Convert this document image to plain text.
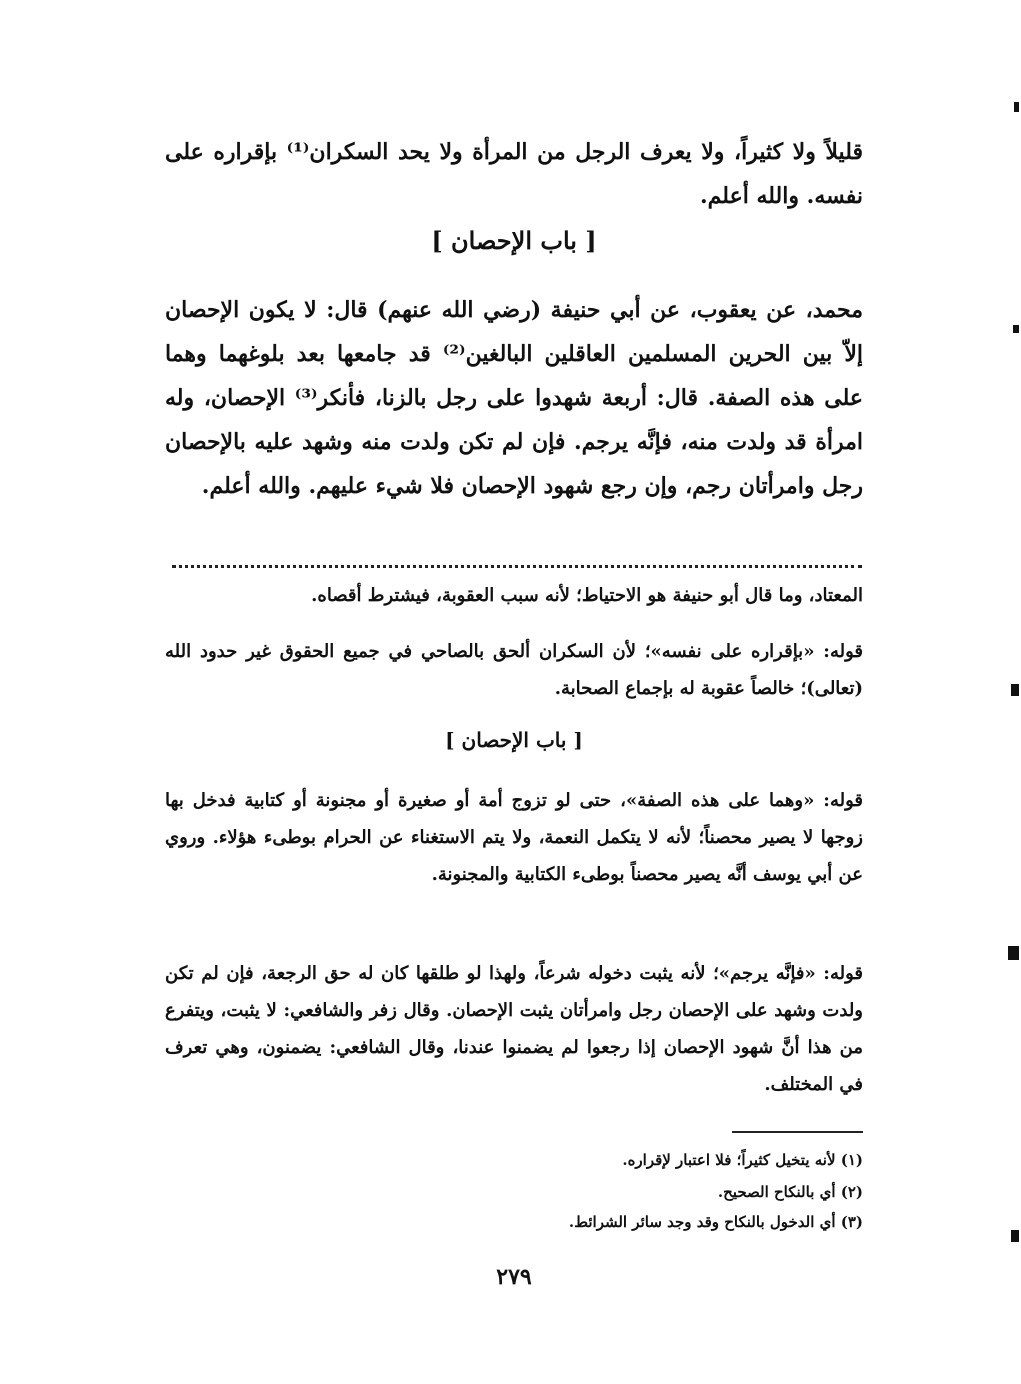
قليلاً ولا كثيراً، ولا يعرف الرجل من المرأة ولا يحد السكران⁽¹⁾ بإقراره على نفسه. والله أعلم.

[ باب الإحصان ]

محمد، عن يعقوب، عن أبي حنيفة (رضي الله عنهم) قال: لا يكون الإحصان إلاّ بين الحرين المسلمين العاقلين البالغين⁽²⁾ قد جامعها بعد بلوغهما وهما على هذه الصفة. قال: أربعة شهدوا على رجل بالزنا، فأنكر⁽³⁾ الإحصان، وله امرأة قد ولدت منه، فإنَّه يرجم. فإن لم تكن ولدت منه وشهد عليه بالإحصان رجل وامرأتان رجم، وإن رجع شهود الإحصان فلا شيء عليهم. والله أعلم.

المعتاد، وما قال أبو حنيفة هو الاحتياط؛ لأنه سبب العقوبة، فيشترط أقصاه.

قوله: «بإقراره على نفسه»؛ لأن السكران ألحق بالصاحي في جميع الحقوق غير حدود الله (تعالى)؛ خالصاً عقوبة له بإجماع الصحابة.

[ باب الإحصان ]

قوله: «وهما على هذه الصفة»، حتى لو تزوج أمة أو صغيرة أو مجنونة أو كتابية فدخل بها زوجها لا يصير محصناً؛ لأنه لا يتكمل النعمة، ولا يتم الاستغناء عن الحرام بوطىء هؤلاء. وروي عن أبي يوسف أنَّه يصير محصناً بوطىء الكتابية والمجنونة.

قوله: «فإنَّه يرجم»؛ لأنه يثبت دخوله شرعاً، ولهذا لو طلقها كان له حق الرجعة، فإن لم تكن ولدت وشهد على الإحصان رجل وامرأتان يثبت الإحصان. وقال زفر والشافعي: لا يثبت، ويتفرع من هذا أنَّ شهود الإحصان إذا رجعوا لم يضمنوا عندنا، وقال الشافعي: يضمنون، وهي تعرف في المختلف.

(١) لأنه يتخيل كثيراً؛ فلا اعتبار لإقراره.

(٢) أي بالنكاح الصحيح.

(٣) أي الدخول بالنكاح وقد وجد سائر الشرائط.

٢٧٩
